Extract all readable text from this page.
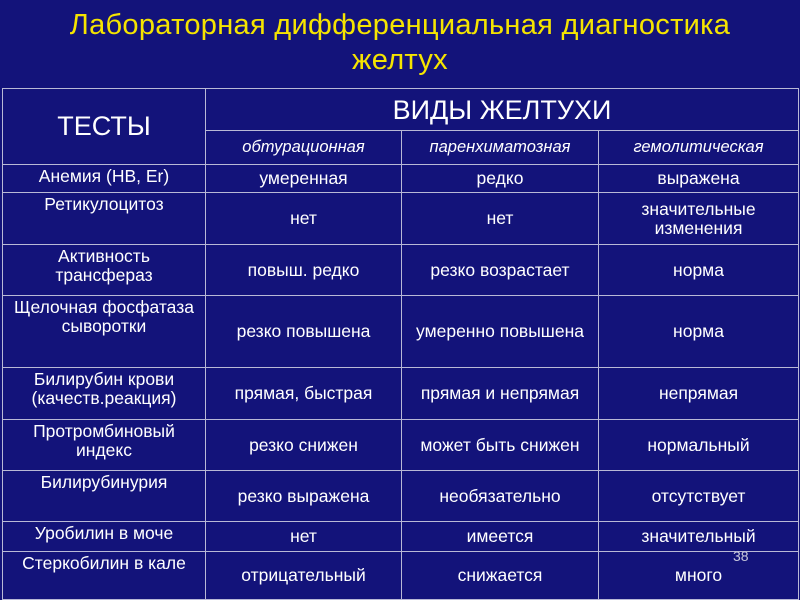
Лабораторная дифференциальная диагностика
желтух
ТЕСТЫ	ВИДЫ ЖЕЛТУХИ		
	обтурационная	паренхиматозная	гемолитическая
Анемия (HB, Er)	умеренная	редко	выражена
Ретикулоцитоз	нет	нет	значительные изменения
Активность трансфераз	повыш. редко	резко возрастает	норма
Щелочная фосфатаза сыворотки	резко повышена	умеренно повышена	норма
Билирубин крови (качеств.реакция)	прямая, быстрая	прямая и непрямая	непрямая
Протромбиновый индекс	резко снижен	может быть снижен	нормальный
Билирубинурия	резко выражена	необязательно	отсутствует
Уробилин в моче	нет	имеется	значительный
Стеркобилин в кале	отрицательный	снижается	много
38
